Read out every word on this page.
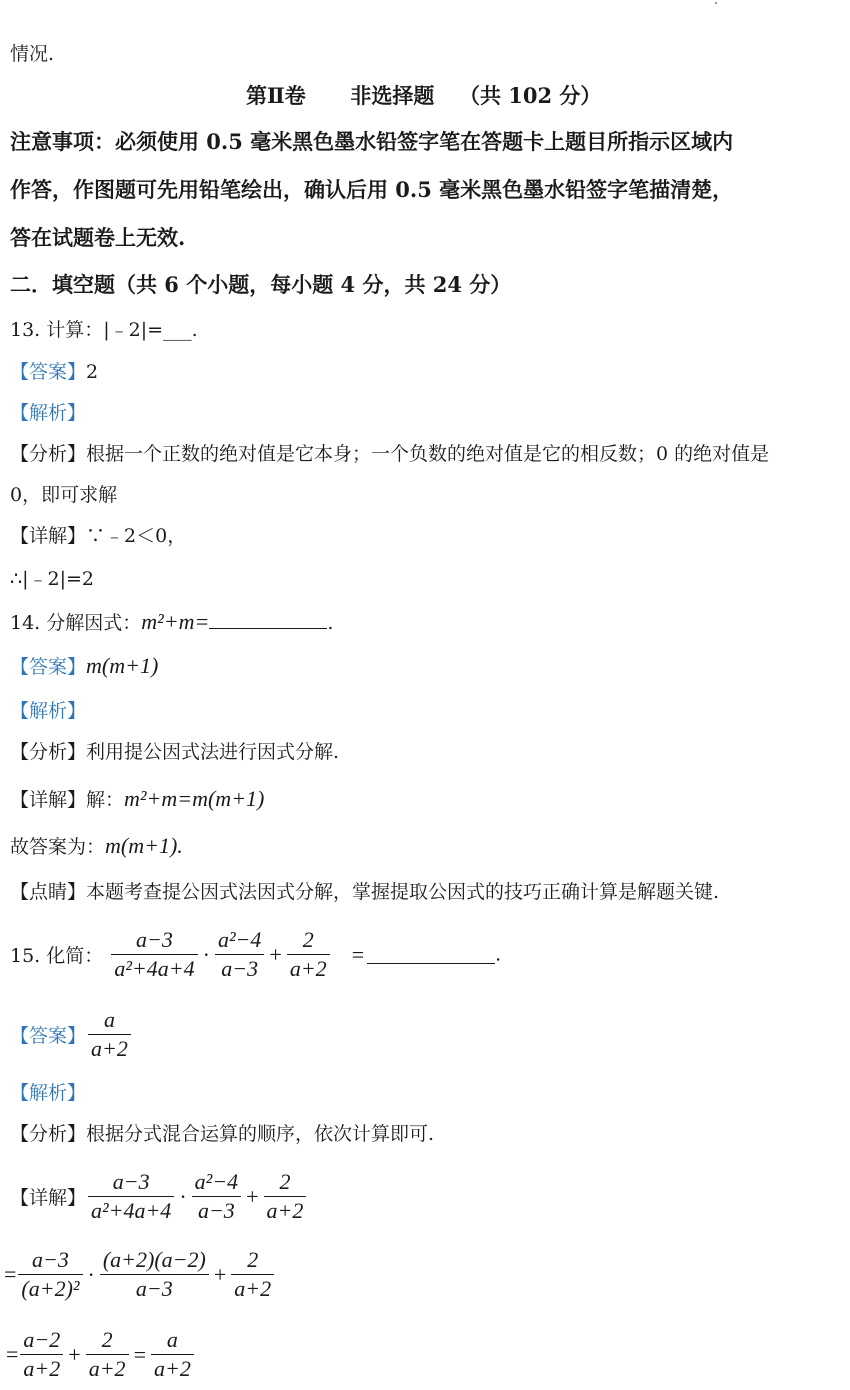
情况.
第Ⅱ卷 非选择题 （共 102 分）
注意事项：必须使用 0.5 毫米黑色墨水铅签字笔在答题卡上题目所指示区域内
作答，作图题可先用铅笔绘出，确认后用 0.5 毫米黑色墨水铅签字笔描清楚，
答在试题卷上无效.
二．填空题（共 6 个小题，每小题 4 分，共 24 分）
13. 计算：|﹣2|=___.
【答案】2
【解析】
【分析】根据一个正数的绝对值是它本身；一个负数的绝对值是它的相反数；0 的绝对值是
0，即可求解
【详解】∵﹣2＜0，
∴|﹣2|=2
14. 分解因式：m²+m=	.
【答案】m(m+1)
【解析】
【分析】利用提公因式法进行因式分解.
【详解】解：m²+m=m(m+1)
故答案为：m(m+1).
【点睛】本题考查提公因式法因式分解，掌握提取公因式的技巧正确计算是解题关键.
15. 化简： $\frac{a-3}{\text{a²+4a+4}} \cdot \frac{\text{a²−4}}{a-3} + \frac{2}{a+2}$ =	.
【答案】 $\frac{a}{a+2}$
【解析】
【分析】根据分式混合运算的顺序，依次计算即可.
【详解】 $\frac{a-3}{\text{a²+4a+4}} \cdot \frac{\text{a²−4}}{a-3} + \frac{2}{a+2}$
= $\frac{a-3}{\text{(a+2)²}} \cdot \frac{(a+2)(a-2)}{a-3} + \frac{2}{a+2}$
= $\frac{a-2}{a+2} + \frac{2}{a+2} = \frac{a}{a+2}$
